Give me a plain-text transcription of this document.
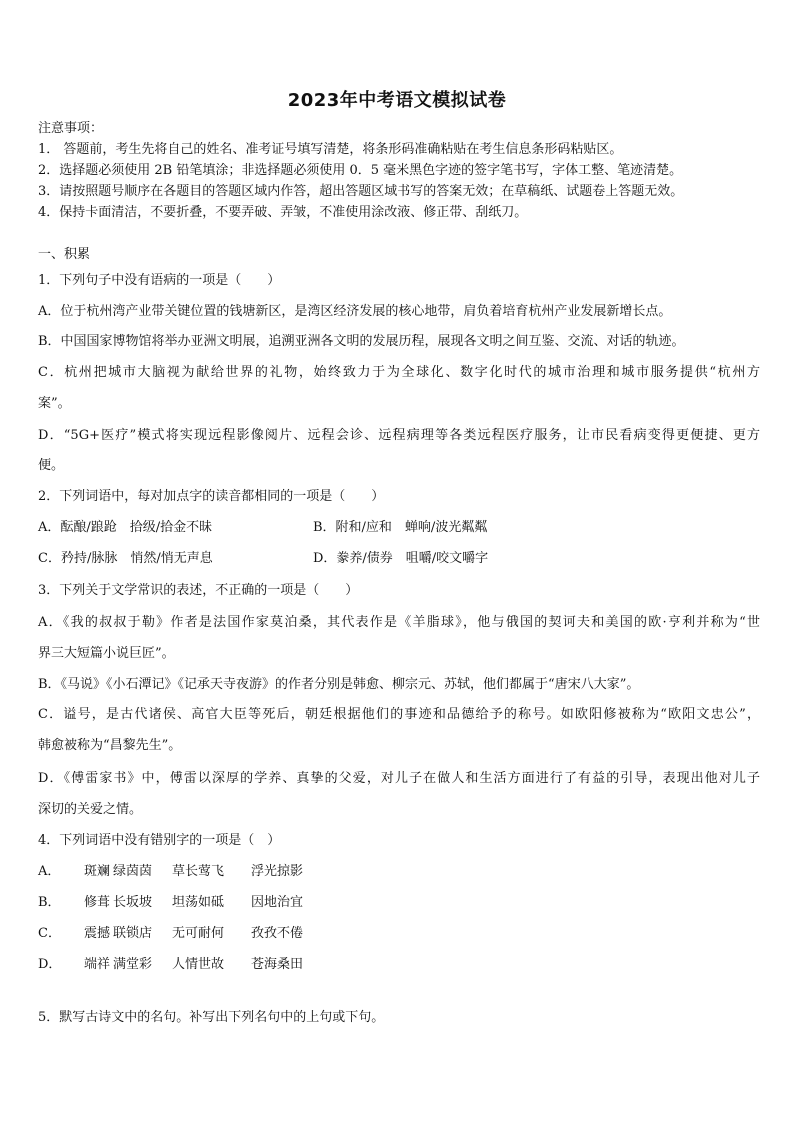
2023年中考语文模拟试卷
注意事项：
1． 答题前，考生先将自己的姓名、准考证号填写清楚，将条形码准确粘贴在考生信息条形码粘贴区。
2．选择题必须使用 2B 铅笔填涂；非选择题必须使用 0．5 毫米黑色字迹的签字笔书写，字体工整、笔迹清楚。
3．请按照题号顺序在各题目的答题区域内作答，超出答题区域书写的答案无效；在草稿纸、试题卷上答题无效。
4．保持卡面清洁，不要折叠，不要弄破、弄皱，不准使用涂改液、修正带、刮纸刀。
一、积累
1．下列句子中没有语病的一项是（　　）
A．位于杭州湾产业带关键位置的钱塘新区，是湾区经济发展的核心地带，肩负着培育杭州产业发展新增长点。
B．中国国家博物馆将举办亚洲文明展，追溯亚洲各文明的发展历程，展现各文明之间互鉴、交流、对话的轨迹。
C．杭州把城市大脑视为献给世界的礼物，始终致力于为全球化、数字化时代的城市治理和城市服务提供“杭州方
案”。
D．“5G+医疗”模式将实现远程影像阅片、远程会诊、远程病理等各类远程医疗服务，让市民看病变得更便捷、更方
便。
2．下列词语中，每对加点字的读音都相同的一项是（　　）
A．酝酿/踉跄　拾级/拾金不昧	B．附和/应和　蝉响/波光粼粼
C．矜持/脉脉　悄然/悄无声息	D．豢养/债券　咀嚼/咬文嚼字
3．下列关于文学常识的表述，不正确的一项是（　　）
A．《我的叔叔于勒》作者是法国作家莫泊桑，其代表作是《羊脂球》，他与俄国的契诃夫和美国的欧·亨利并称为“世
界三大短篇小说巨匠”。
B．《马说》《小石潭记》《记承天寺夜游》的作者分别是韩愈、柳宗元、苏轼，他们都属于“唐宋八大家”。
C．谥号，是古代诸侯、高官大臣等死后，朝廷根据他们的事迹和品德给予的称号。如欧阳修被称为“欧阳文忠公”，
韩愈被称为“昌黎先生”。
D．《傅雷家书》中，傅雷以深厚的学养、真挚的父爱，对儿子在做人和生活方面进行了有益的引导，表现出他对儿子
深切的关爱之情。
4．下列词语中没有错别字的一项是（　）
A． 斑斓 绿茵茵 草长莺飞 浮光掠影
B． 修葺 长坂坡 坦荡如砥 因地治宜
C． 震撼 联锁店 无可耐何 孜孜不倦
D． 端祥 满堂彩 人情世故 苍海桑田
5．默写古诗文中的名句。补写出下列名句中的上句或下句。
